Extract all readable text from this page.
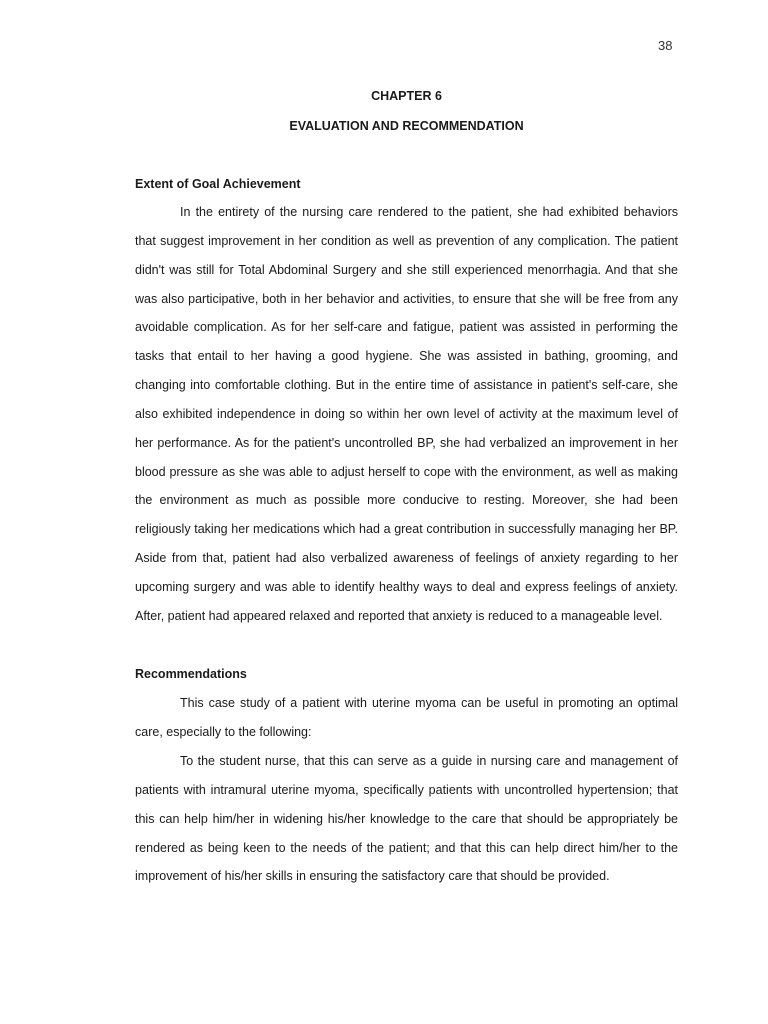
38
CHAPTER 6
EVALUATION AND RECOMMENDATION
Extent of Goal Achievement

In the entirety of the nursing care rendered to the patient, she had exhibited behaviors that suggest improvement in her condition as well as prevention of any complication. The patient didn't was still for Total Abdominal Surgery and she still experienced menorrhagia. And that she was also participative, both in her behavior and activities, to ensure that she will be free from any avoidable complication. As for her self-care and fatigue, patient was assisted in performing the tasks that entail to her having a good hygiene. She was assisted in bathing, grooming, and changing into comfortable clothing. But in the entire time of assistance in patient's self-care, she also exhibited independence in doing so within her own level of activity at the maximum level of her performance. As for the patient's uncontrolled BP, she had verbalized an improvement in her blood pressure as she was able to adjust herself to cope with the environment, as well as making the environment as much as possible more conducive to resting. Moreover, she had been religiously taking her medications which had a great contribution in successfully managing her BP. Aside from that, patient had also verbalized awareness of feelings of anxiety regarding to her upcoming surgery and was able to identify healthy ways to deal and express feelings of anxiety. After, patient had appeared relaxed and reported that anxiety is reduced to a manageable level.

Recommendations

This case study of a patient with uterine myoma can be useful in promoting an optimal care, especially to the following:

To the student nurse, that this can serve as a guide in nursing care and management of patients with intramural uterine myoma, specifically patients with uncontrolled hypertension; that this can help him/her in widening his/her knowledge to the care that should be appropriately be rendered as being keen to the needs of the patient; and that this can help direct him/her to the improvement of his/her skills in ensuring the satisfactory care that should be provided.
